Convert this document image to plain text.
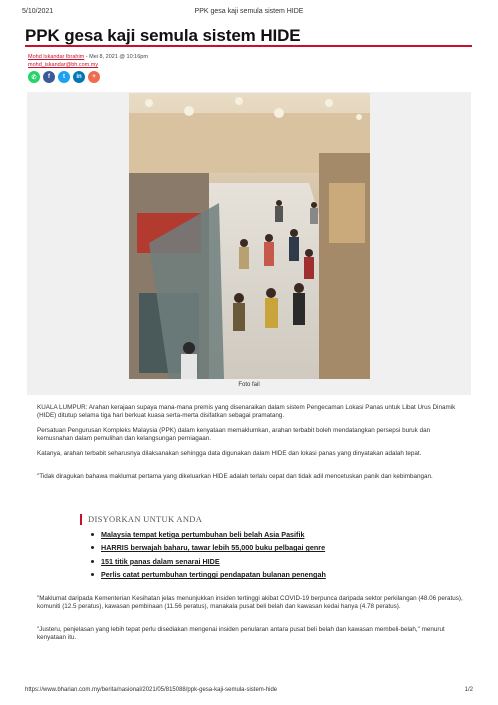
5/10/2021	PPK gesa kaji semula sistem HIDE
PPK gesa kaji semula sistem HIDE
Mohd Iskandar Ibrahim - Mei 8, 2021 @ 10:16pm
mohd_iskandar@bh.com.my
✆	f	t	in	+
Foto fail

KUALA LUMPUR: Arahan kerajaan supaya mana-mana premis yang disenaraikan dalam sistem Pengecaman Lokasi Panas untuk Libat Urus Dinamik (HIDE) ditutup selama tiga hari berkuat kuasa serta-merta disifatkan sebagai pramatang.

Persatuan Pengurusan Kompleks Malaysia (PPK) dalam kenyataan memaklumkan, arahan terbabit boleh mendatangkan persepsi buruk dan kemusnahan dalam pemulihan dan kelangsungan perniagaan.

Katanya, arahan terbabit seharusnya dilaksanakan sehingga data digunakan dalam HIDE dan lokasi panas yang dinyatakan adalah tepat.

"Tidak diragukan bahawa maklumat pertama yang dikeluarkan HIDE adalah terlalu cepat dan tidak adil mencetuskan panik dan kebimbangan.

DISYORKAN UNTUK ANDA
Malaysia tempat ketiga pertumbuhan beli belah Asia Pasifik
HARRIS berwajah baharu, tawar lebih 55,000 buku pelbagai genre
151 titik panas dalam senarai HIDE
Perlis catat pertumbuhan tertinggi pendapatan bulanan penengah

"Maklumat daripada Kementerian Kesihatan jelas menunjukkan insiden tertinggi akibat COVID-19 berpunca daripada sektor perkilangan (48.06 peratus), komuniti (12.5 peratus), kawasan pembinaan (11.56 peratus), manakala pusat beli belah dan kawasan kedai hanya (4.78 peratus).

"Justeru, penjelasan yang lebih tepat perlu disediakan mengenai insiden penularan antara pusat beli belah dan kawasan membeli-belah," menurut kenyataan itu.

https://www.bharian.com.my/berita/nasional/2021/05/815088/ppk-gesa-kaji-semula-sistem-hide	1/2
